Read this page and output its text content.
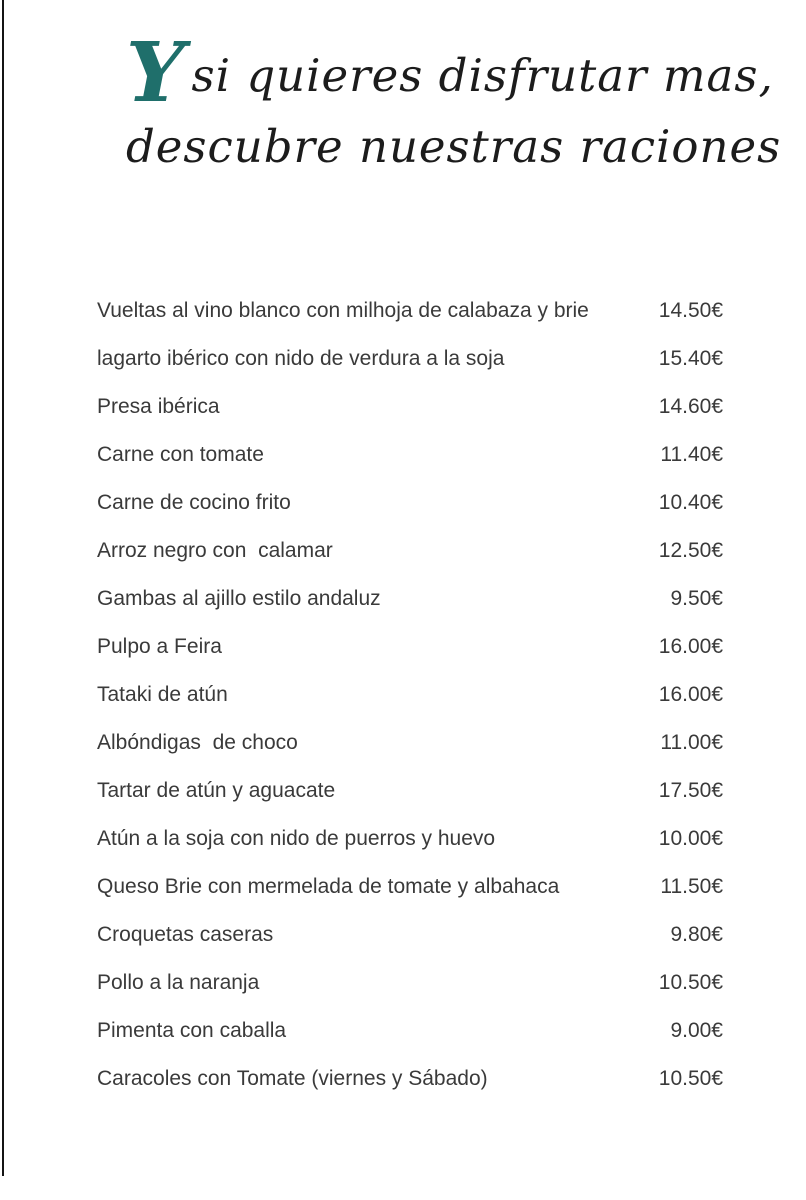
Ysi quieres disfrutar mas,
descubre nuestras raciones
Vueltas al vino blanco con milhoja de calabaza y brie	14.50€
lagarto ibérico con nido de verdura a la soja	15.40€
Presa ibérica	14.60€
Carne con tomate	11.40€
Carne de cocino frito	10.40€
Arroz negro con  calamar	12.50€
Gambas al ajillo estilo andaluz	9.50€
Pulpo a Feira	16.00€
Tataki de atún	16.00€
Albóndigas  de choco	11.00€
Tartar de atún y aguacate	17.50€
Atún a la soja con nido de puerros y huevo	10.00€
Queso Brie con mermelada de tomate y albahaca	11.50€
Croquetas caseras	9.80€
Pollo a la naranja	10.50€
Pimenta con caballa	9.00€
Caracoles con Tomate (viernes y Sábado)	10.50€
